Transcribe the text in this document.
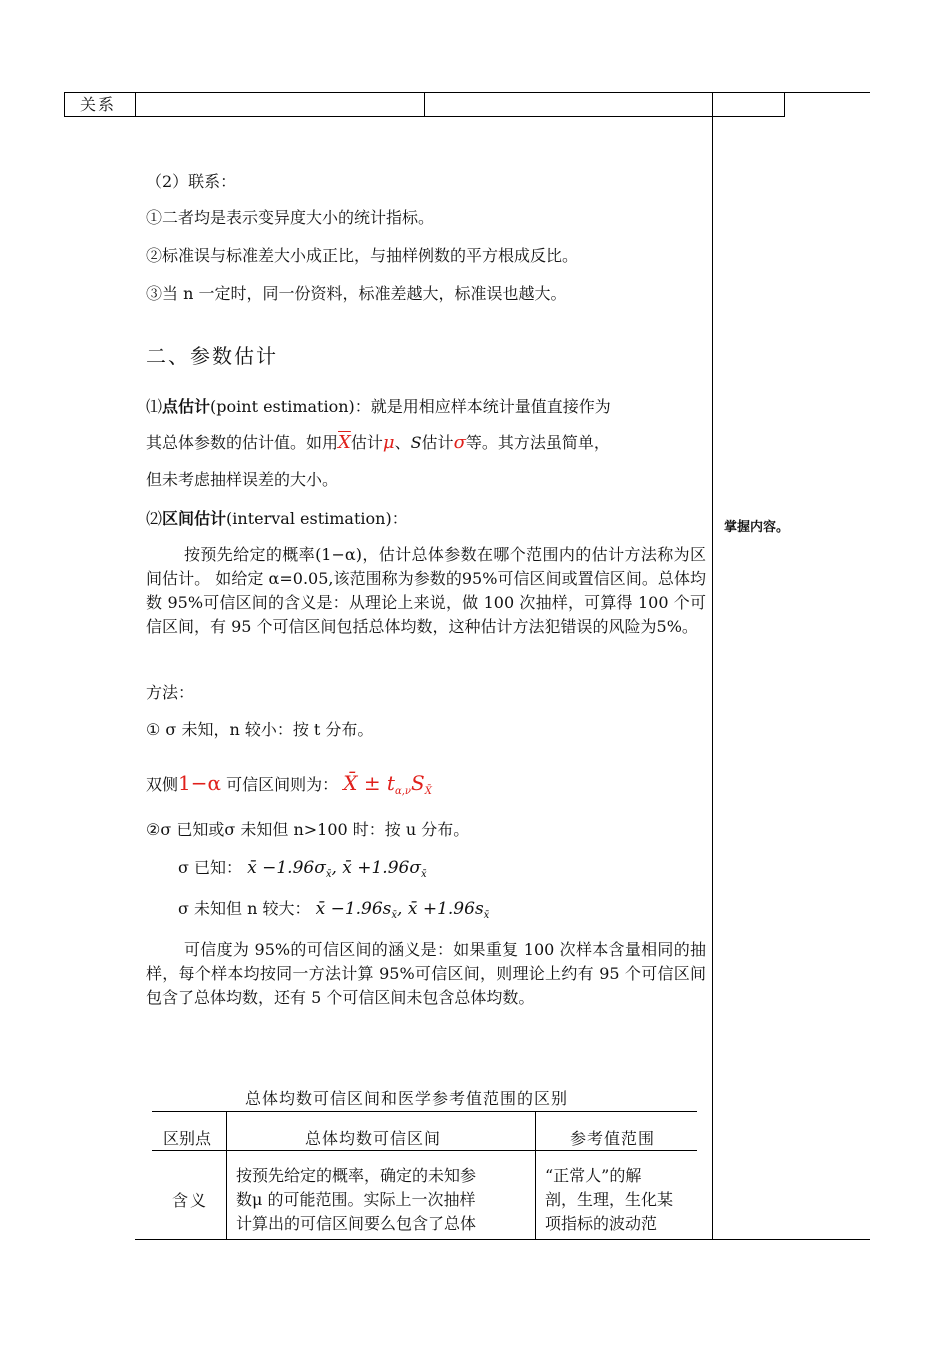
关系
（2）联系：
①二者均是表示变异度大小的统计指标。
②标准误与标准差大小成正比，与抽样例数的平方根成反比。
③当 n 一定时，同一份资料，标准差越大，标准误也越大。
二、参数估计
⑴点估计(point estimation)：就是用相应样本统计量值直接作为
其总体参数的估计值。如用$\overline{X}$估计μ、S估计σ等。其方法虽简单，
但未考虑抽样误差的大小。
⑵区间估计(interval estimation)：
按预先给定的概率(1−α)，估计总体参数在哪个范围内的估计方法称为区间估计。 如给定 α=0.05,该范围称为参数的95%可信区间或置信区间。总体均数 95%可信区间的含义是：从理论上来说，做 100 次抽样，可算得 100 个可信区间，有 95 个可信区间包括总体均数，这种估计方法犯错误的风险为5%。
方法：
① σ 未知，n 较小：按 t 分布。
双侧1−α 可信区间则为： X̄ ± $t_{\alpha,\nu}S_{X̄}$
②σ 已知或σ 未知但 n>100 时：按 u 分布。
σ 已知： x̄ $-1.96\sigma_{x̄}$, x̄ $+1.96\sigma_{x̄}$
σ 未知但 n 较大： x̄ $-1.96s_{x̄}$, x̄ $+1.96s_{x̄}$
可信度为 95%的可信区间的涵义是：如果重复 100 次样本含量相同的抽样，每个样本均按同一方法计算 95%可信区间，则理论上约有 95 个可信区间包含了总体均数，还有 5 个可信区间未包含总体均数。
掌握内容。
总体均数可信区间和医学参考值范围的区别
区别点	总体均数可信区间	参考值范围
含义
按预先给定的概率，确定的未知参
数μ 的可能范围。实际上一次抽样
计算出的可信区间要么包含了总体
“正常人”的解
剖，生理，生化某
项指标的波动范
